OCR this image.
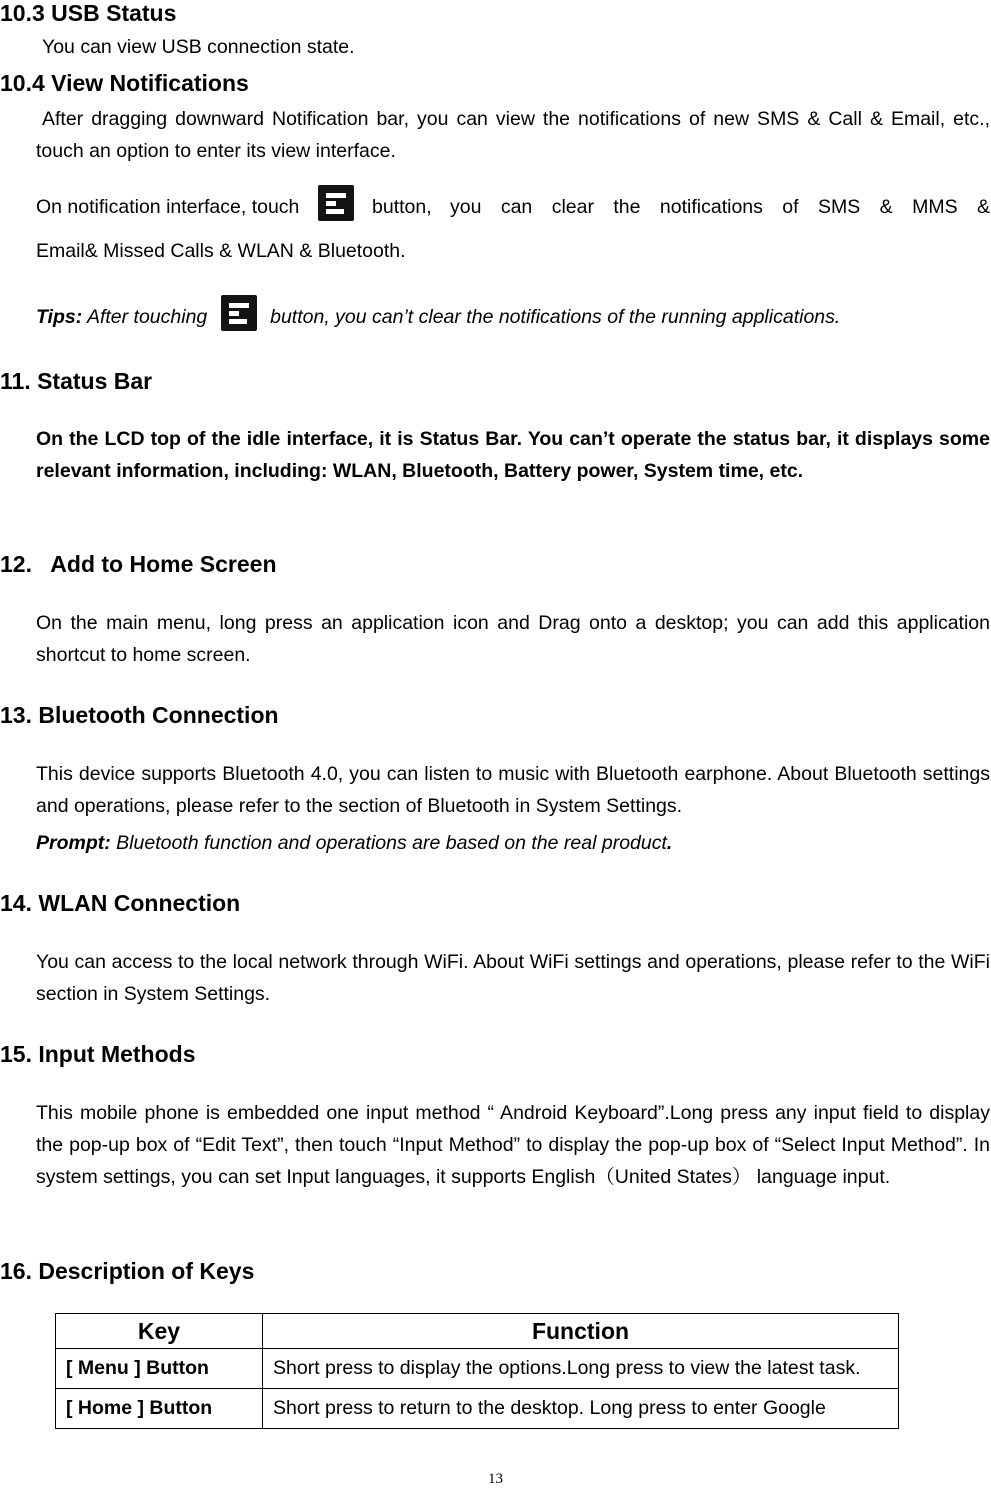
10.3 USB Status
You can view USB connection state.
10.4 View Notifications
After dragging downward Notification bar, you can view the notifications of new SMS & Call & Email, etc., touch an option to enter its view interface.
On notification interface, touch	button, you can clear the notifications of SMS & MMS &
Email& Missed Calls & WLAN & Bluetooth.
Tips: After touching	button, you can’t clear the notifications of the running applications.
11. Status Bar
On the LCD top of the idle interface, it is Status Bar. You can’t operate the status bar, it displays some relevant information, including: WLAN, Bluetooth, Battery power, System time, etc.
12.   Add to Home Screen
On the main menu, long press an application icon and Drag onto a desktop; you can add this application shortcut to home screen.
13. Bluetooth Connection
This device supports Bluetooth 4.0, you can listen to music with Bluetooth earphone. About Bluetooth settings and operations, please refer to the section of Bluetooth in System Settings.
Prompt: Bluetooth function and operations are based on the real product.
14. WLAN Connection
You can access to the local network through WiFi. About WiFi settings and operations, please refer to the WiFi section in System Settings.
15. Input Methods
This mobile phone is embedded one input method “ Android Keyboard”.Long press any input field to display the pop-up box of “Edit Text”, then touch “Input Method” to display the pop-up box of “Select Input Method”. In system settings, you can set Input languages, it supports English（United States） language input.
16. Description of Keys
Key	Function
[ Menu ] Button	Short press to display the options.Long press to view the latest task.
[ Home ] Button	Short press to return to the desktop. Long press to enter Google
13
